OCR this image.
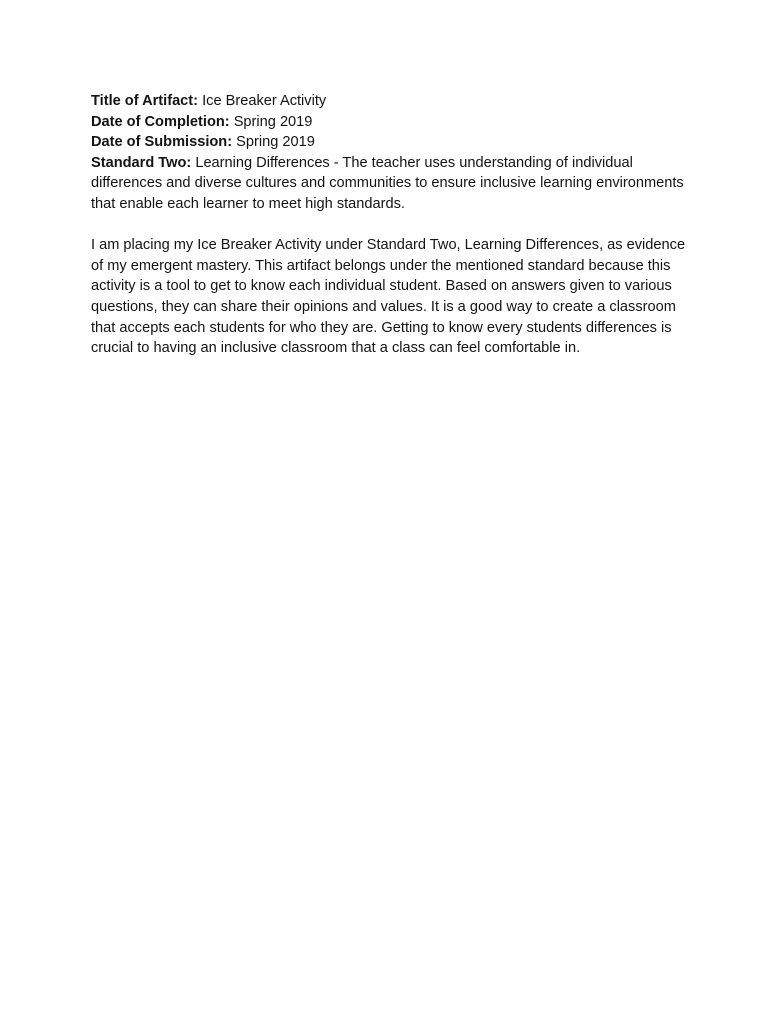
Title of Artifact: Ice Breaker Activity

Date of Completion: Spring 2019

Date of Submission: Spring 2019

Standard Two: Learning Differences - The teacher uses understanding of individual differences and diverse cultures and communities to ensure inclusive learning environments that enable each learner to meet high standards.

I am placing my Ice Breaker Activity under Standard Two, Learning Differences, as evidence of my emergent mastery. This artifact belongs under the mentioned standard because this activity is a tool to get to know each individual student. Based on answers given to various questions, they can share their opinions and values. It is a good way to create a classroom that accepts each students for who they are. Getting to know every students differences is crucial to having an inclusive classroom that a class can feel comfortable in.
